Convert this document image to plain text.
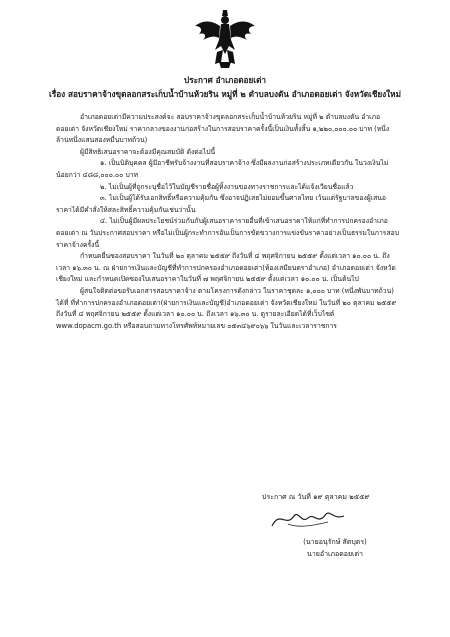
ประกาศ อำเภอดอยเต่า
เรื่อง สอบราคาจ้างขุดลอกสระเก็บน้ำบ้านห้วยริน หมู่ที่ ๒ ตำบลบงตัน อำเภอดอยเต่า จังหวัดเชียงใหม่

อำเภอดอยเต่ามีความประสงค์จะ สอบราคาจ้างขุดลอกสระเก็บน้ำบ้านห้วยริน หมู่ที่ ๒ ตำบลบงตัน อำเภอดอยเต่า จังหวัดเชียงใหม่ ราคากลางของงานก่อสร้างในการสอบราคาครั้งนี้เป็นเงินทั้งสิ้น ๑,๒๒๐,๐๐๐.๐๐ บาท (หนึ่งล้านหนึ่งแสนสองหมื่นบาทถ้วน)

ผู้มีสิทธิเสนอราคาจะต้องมีคุณสมบัติ ดังต่อไปนี้

๑. เป็นนิติบุคคล ผู้มีอาชีพรับจ้างงานที่สอบราคาจ้าง ซึ่งมีผลงานก่อสร้างประเภทเดียวกัน ในวงเงินไม่น้อยกว่า ๔๘๘,๐๐๐.๐๐ บาท

๒. ไม่เป็นผู้ที่ถูกระบุชื่อไว้ในบัญชีรายชื่อผู้ทิ้งงานของทางราชการและได้แจ้งเวียนชื่อแล้ว

๓. ไม่เป็นผู้ได้รับเอกสิทธิ์หรือความคุ้มกัน ซึ่งอาจปฏิเสธไม่ยอมขึ้นศาลไทย เว้นแต่รัฐบาลของผู้เสนอราคาได้มีคำสั่งให้สละสิทธิ์ความคุ้มกันเช่นว่านั้น

๔. ไม่เป็นผู้มีผลประโยชน์ร่วมกันกับผู้เสนอราคารายอื่นที่เข้าเสนอราคาให้แก่ที่ทำการปกครองอำเภอดอยเต่า ณ วันประกาศสอบราคา หรือไม่เป็นผู้กระทำการอันเป็นการขัดขวางการแข่งขันราคาอย่างเป็นธรรมในการสอบราคาจ้างครั้งนี้

กำหนดยื่นซองสอบราคา ในวันที่ ๒๐ ตุลาคม ๒๕๕๙ ถึงวันที่ ๔ พฤศจิกายน ๒๕๕๙ ตั้งแต่เวลา ๑๐.๐๐ น. ถึงเวลา ๑๖.๓๐ น. ณ ฝ่ายการเงินและบัญชีที่ทำการปกครองอำเภอดอยเต่า(ห้องเสมียนตราอำเภอ) อำเภอดอยเต่า จังหวัดเชียงใหม่ และกำหนดเปิดซองใบเสนอราคาในวันที่ ๗ พฤศจิกายน ๒๕๕๙ ตั้งแต่เวลา ๑๐.๐๐ น. เป็นต้นไป

ผู้สนใจติดต่อขอรับเอกสารสอบราคาจ้าง ตามโครงการดังกล่าว ในราคาชุดละ ๑,๐๐๐ บาท (หนึ่งพันบาทถ้วน) ได้ที่ ที่ทำการปกครองอำเภอดอยเต่า(ฝ่ายการเงินและบัญชี)อำเภอดอยเต่า จังหวัดเชียงใหม่ ในวันที่ ๒๐ ตุลาคม ๒๕๕๙ ถึงวันที่ ๔ พฤศจิกายน ๒๕๕๙ ตั้งแต่เวลา ๑๐.๐๐ น. ถึงเวลา ๑๖.๓๐ น. ดูรายละเอียดได้ที่เว็บไซต์ www.dopacm.go.th หรือสอบถามทางโทรศัพท์หมายเลข ๐๕๓๔๖๙๐๖๖ ในวันและเวลาราชการ

ประกาศ ณ วันที่ ๑๙ ตุลาคม ๒๕๕๙
(นายอนุรักษ์ สัตบุตร)
นายอำเภอดอยเต่า
